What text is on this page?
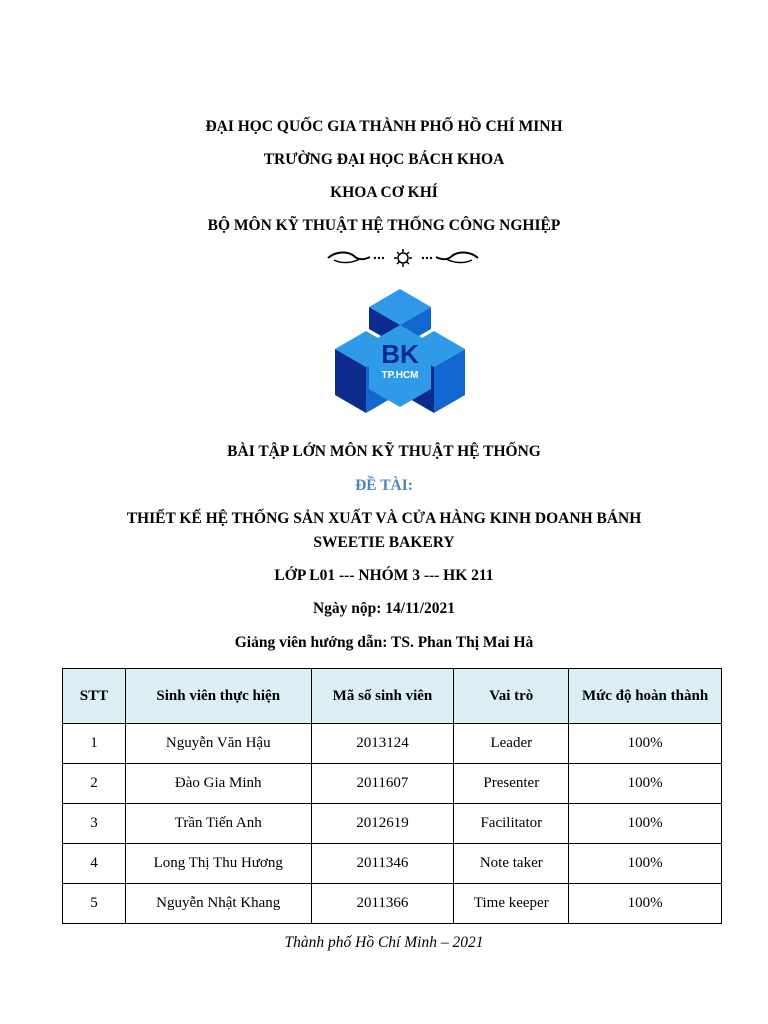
ĐẠI HỌC QUỐC GIA THÀNH PHỐ HỒ CHÍ MINH

TRƯỜNG ĐẠI HỌC BÁCH KHOA

KHOA CƠ KHÍ

BỘ MÔN KỸ THUẬT HỆ THỐNG CÔNG NGHIỆP

BK
TP.HCM

BÀI TẬP LỚN MÔN KỸ THUẬT HỆ THỐNG

ĐỀ TÀI:

THIẾT KẾ HỆ THỐNG SẢN XUẤT VÀ CỬA HÀNG KINH DOANH BÁNH

SWEETIE BAKERY

LỚP L01 --- NHÓM 3 --- HK 211

Ngày nộp: 14/11/2021

Giảng viên hướng dẫn: TS. Phan Thị Mai Hà

STT	Sinh viên thực hiện	Mã số sinh viên	Vai trò	Mức độ hoàn thành
1	Nguyễn Văn Hậu	2013124	Leader	100%
2	Đào Gia Minh	2011607	Presenter	100%
3	Trần Tiến Anh	2012619	Facilitator	100%
4	Long Thị Thu Hương	2011346	Note taker	100%
5	Nguyễn Nhật Khang	2011366	Time keeper	100%

Thành phố Hồ Chí Minh – 2021
